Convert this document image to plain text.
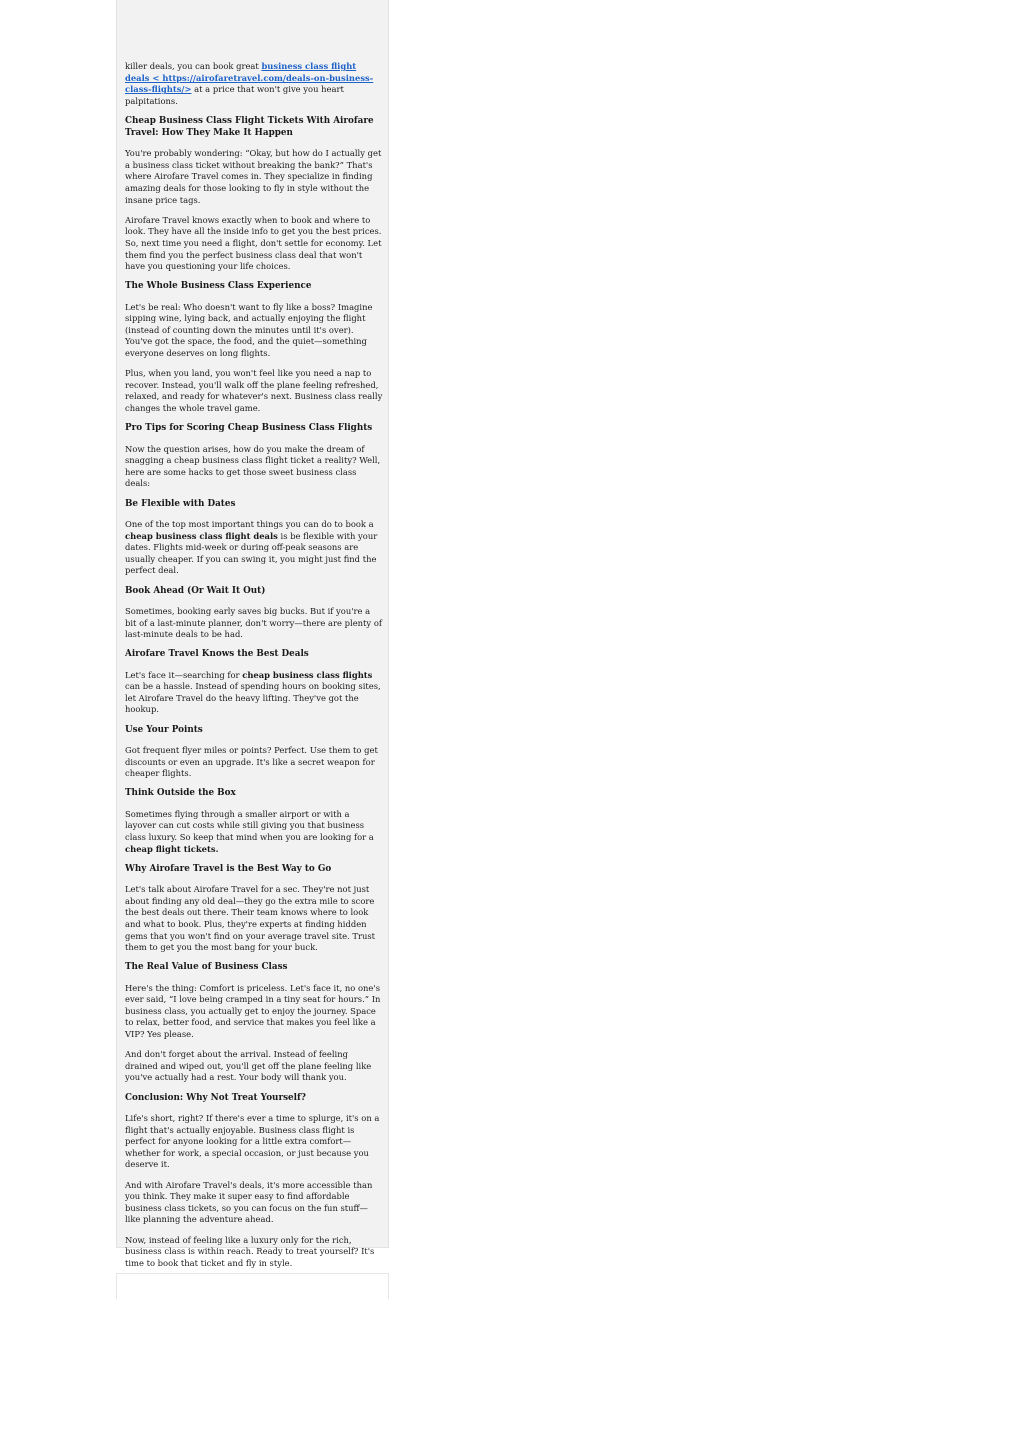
killer deals, you can book great business class flight deals < https://airofaretravel.com/deals-on-business-class-flights/> at a price that won't give you heart palpitations.

Cheap Business Class Flight Tickets With Airofare Travel: How They Make It Happen

You're probably wondering: “Okay, but how do I actually get a business class ticket without breaking the bank?” That's where Airofare Travel comes in. They specialize in finding amazing deals for those looking to fly in style without the insane price tags.

Airofare Travel knows exactly when to book and where to look. They have all the inside info to get you the best prices. So, next time you need a flight, don't settle for economy. Let them find you the perfect business class deal that won't have you questioning your life choices.

The Whole Business Class Experience

Let's be real: Who doesn't want to fly like a boss? Imagine sipping wine, lying back, and actually enjoying the flight (instead of counting down the minutes until it's over). You've got the space, the food, and the quiet—something everyone deserves on long flights.

Plus, when you land, you won't feel like you need a nap to recover. Instead, you'll walk off the plane feeling refreshed, relaxed, and ready for whatever's next. Business class really changes the whole travel game.

Pro Tips for Scoring Cheap Business Class Flights

Now the question arises, how do you make the dream of snagging a cheap business class flight ticket a reality? Well, here are some hacks to get those sweet business class deals:

Be Flexible with Dates

One of the top most important things you can do to book a cheap business class flight deals is be flexible with your dates. Flights mid-week or during off-peak seasons are usually cheaper. If you can swing it, you might just find the perfect deal.

Book Ahead (Or Wait It Out)

Sometimes, booking early saves big bucks. But if you're a bit of a last-minute planner, don't worry—there are plenty of last-minute deals to be had.

Airofare Travel Knows the Best Deals

Let's face it—searching for cheap business class flights can be a hassle. Instead of spending hours on booking sites, let Airofare Travel do the heavy lifting. They've got the hookup.

Use Your Points

Got frequent flyer miles or points? Perfect. Use them to get discounts or even an upgrade. It's like a secret weapon for cheaper flights.

Think Outside the Box

Sometimes flying through a smaller airport or with a layover can cut costs while still giving you that business class luxury. So keep that mind when you are looking for a cheap flight tickets.

Why Airofare Travel is the Best Way to Go

Let's talk about Airofare Travel for a sec. They're not just about finding any old deal—they go the extra mile to score the best deals out there. Their team knows where to look and what to book. Plus, they're experts at finding hidden gems that you won't find on your average travel site. Trust them to get you the most bang for your buck.

The Real Value of Business Class

Here's the thing: Comfort is priceless. Let's face it, no one's ever said, “I love being cramped in a tiny seat for hours.” In business class, you actually get to enjoy the journey. Space to relax, better food, and service that makes you feel like a VIP? Yes please.

And don't forget about the arrival. Instead of feeling drained and wiped out, you'll get off the plane feeling like you've actually had a rest. Your body will thank you.

Conclusion: Why Not Treat Yourself?

Life's short, right? If there's ever a time to splurge, it's on a flight that's actually enjoyable. Business class flight is perfect for anyone looking for a little extra comfort—whether for work, a special occasion, or just because you deserve it.

And with Airofare Travel's deals, it's more accessible than you think. They make it super easy to find affordable business class tickets, so you can focus on the fun stuff—like planning the adventure ahead.

Now, instead of feeling like a luxury only for the rich, business class is within reach. Ready to treat yourself? It's time to book that ticket and fly in style.
